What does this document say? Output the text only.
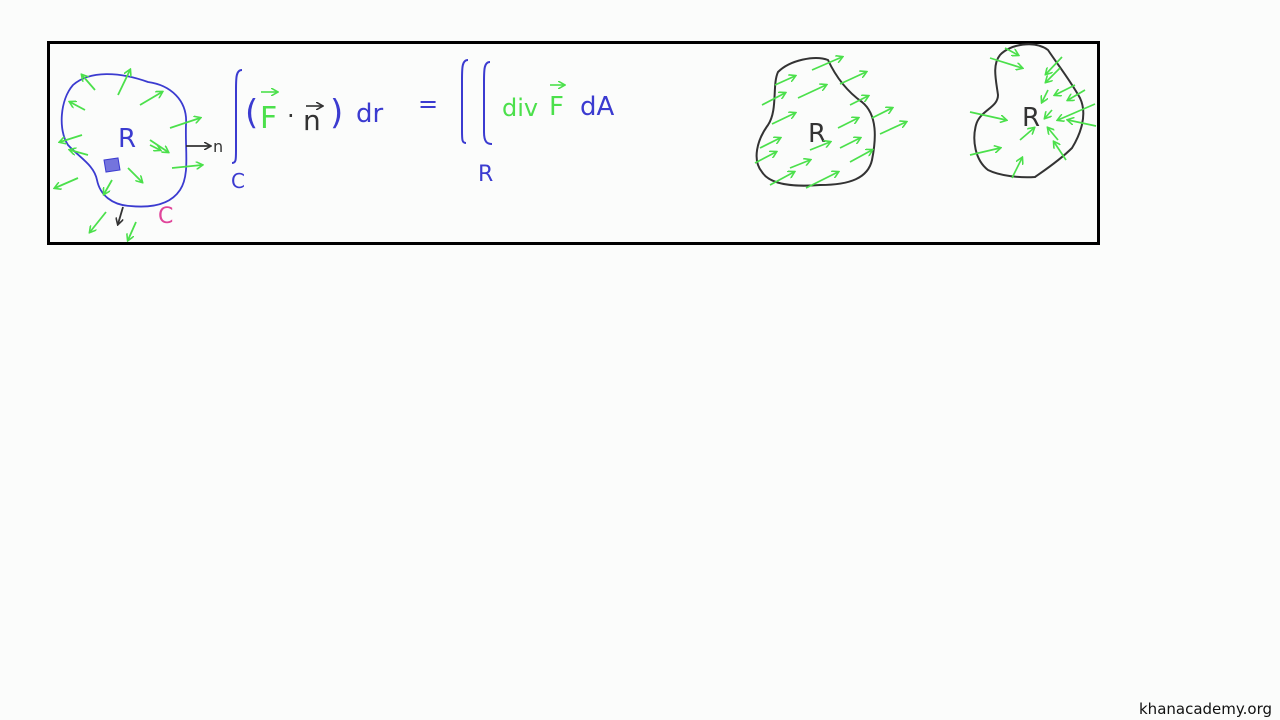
R
C
n
C
( F · n ) dr =
R
div F dA
R
R
khanacademy.org
